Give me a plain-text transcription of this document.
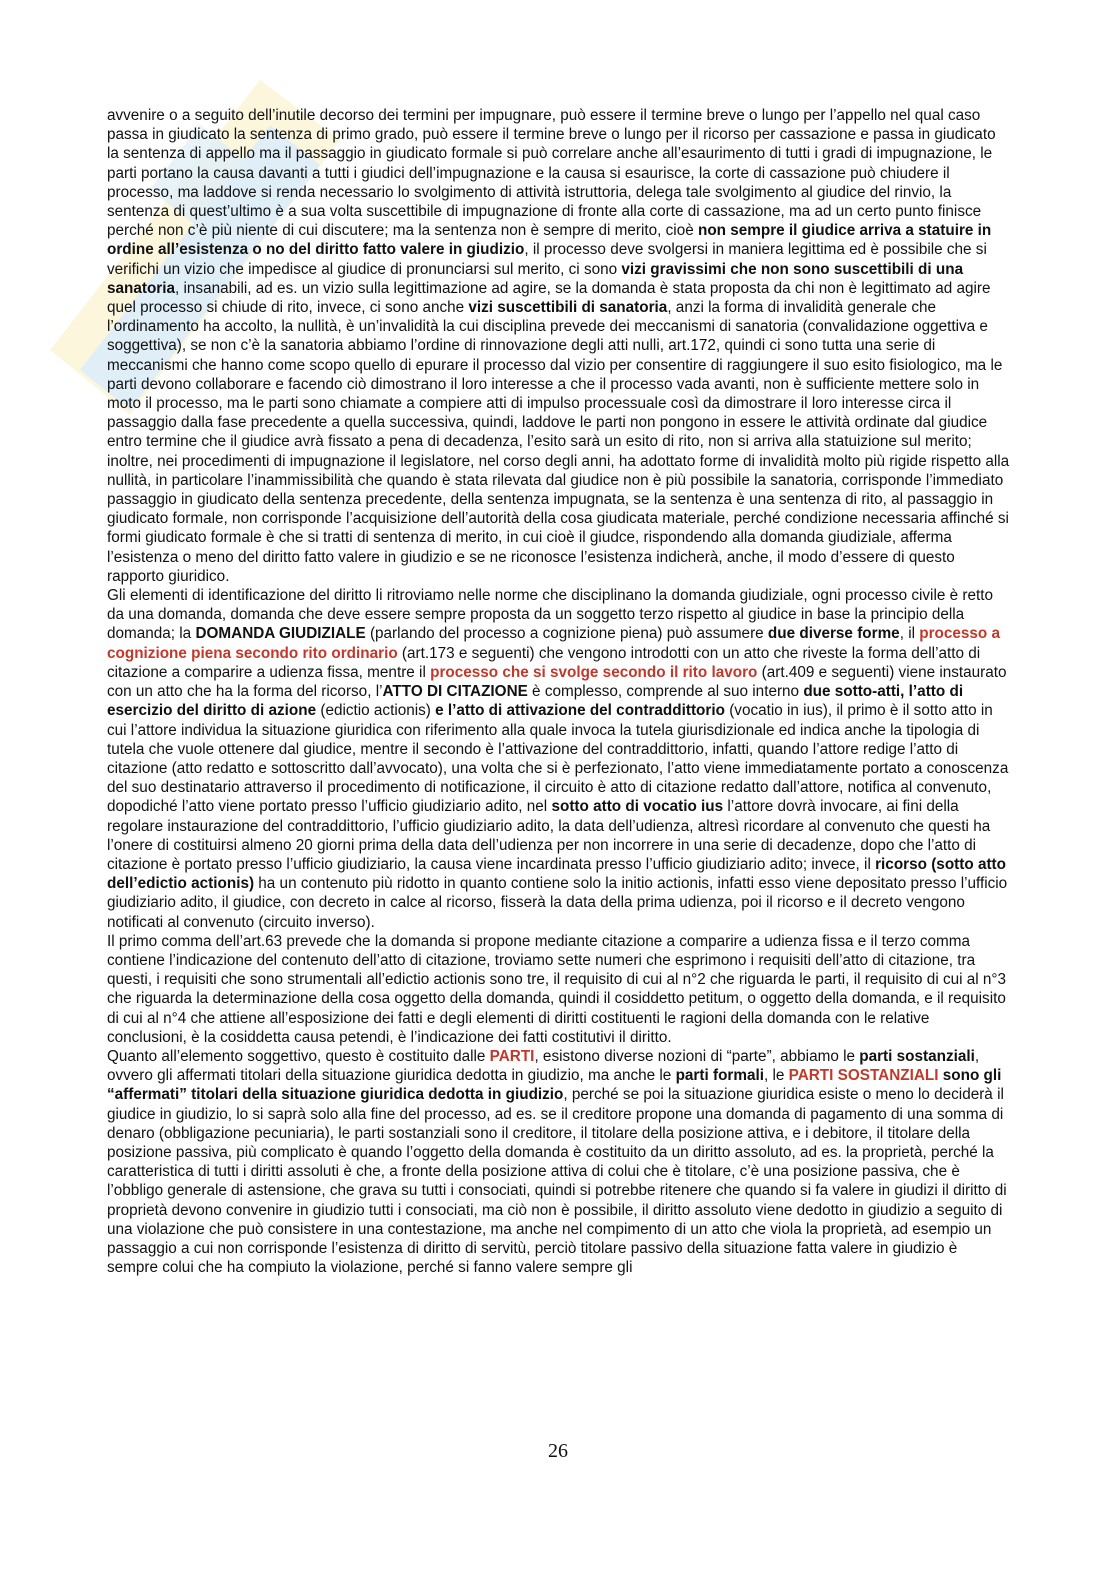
avvenire o a seguito dell’inutile decorso dei termini per impugnare, può essere il termine breve o lungo per l’appello nel qual caso passa in giudicato la sentenza di primo grado, può essere il termine breve o lungo per il ricorso per cassazione e passa in giudicato la sentenza di appello ma il passaggio in giudicato formale si può correlare anche all’esaurimento di tutti i gradi di impugnazione, le parti portano la causa davanti a tutti i giudici dell’impugnazione e la causa si esaurisce, la corte di cassazione può chiudere il processo, ma laddove si renda necessario lo svolgimento di attività istruttoria, delega tale svolgimento al giudice del rinvio, la sentenza di quest’ultimo è a sua volta suscettibile di impugnazione di fronte alla corte di cassazione, ma ad un certo punto finisce perché non c’è più niente di cui discutere; ma la sentenza non è sempre di merito, cioè non sempre il giudice arriva a statuire in ordine all’esistenza o no del diritto fatto valere in giudizio, il processo deve svolgersi in maniera legittima ed è possibile che si verifichi un vizio che impedisce al giudice di pronunciarsi sul merito, ci sono vizi gravissimi che non sono suscettibili di una sanatoria, insanabili, ad es. un vizio sulla legittimazione ad agire, se la domanda è stata proposta da chi non è legittimato ad agire quel processo si chiude di rito, invece, ci sono anche vizi suscettibili di sanatoria, anzi la forma di invalidità generale che l’ordinamento ha accolto, la nullità, è un’invalidità la cui disciplina prevede dei meccanismi di sanatoria (convalidazione oggettiva e soggettiva), se non c’è la sanatoria abbiamo l’ordine di rinnovazione degli atti nulli, art.172, quindi ci sono tutta una serie di meccanismi che hanno come scopo quello di epurare il processo dal vizio per consentire di raggiungere il suo esito fisiologico, ma le parti devono collaborare e facendo ciò dimostrano il loro interesse a che il processo vada avanti, non è sufficiente mettere solo in moto il processo, ma le parti sono chiamate a compiere atti di impulso processuale così da dimostrare il loro interesse circa il passaggio dalla fase precedente a quella successiva, quindi, laddove le parti non pongono in essere le attività ordinate dal giudice entro termine che il giudice avrà fissato a pena di decadenza, l’esito sarà un esito di rito, non si arriva alla statuizione sul merito; inoltre, nei procedimenti di impugnazione il legislatore, nel corso degli anni, ha adottato forme di invalidità molto più rigide rispetto alla nullità, in particolare l’inammissibilità che quando è stata rilevata dal giudice non è più possibile la sanatoria, corrisponde l’immediato passaggio in giudicato della sentenza precedente, della sentenza impugnata, se la sentenza è una sentenza di rito, al passaggio in giudicato formale, non corrisponde l’acquisizione dell’autorità della cosa giudicata materiale, perché condizione necessaria affinché si formi giudicato formale è che si tratti di sentenza di merito, in cui cioè il giudce, rispondendo alla domanda giudiziale, afferma l’esistenza o meno del diritto fatto valere in giudizio e se ne riconosce l’esistenza indicherà, anche, il modo d’essere di questo rapporto giuridico.

Gli elementi di identificazione del diritto li ritroviamo nelle norme che disciplinano la domanda giudiziale, ogni processo civile è retto da una domanda, domanda che deve essere sempre proposta da un soggetto terzo rispetto al giudice in base la principio della domanda; la DOMANDA GIUDIZIALE (parlando del processo a cognizione piena) può assumere due diverse forme, il processo a cognizione piena secondo rito ordinario (art.173 e seguenti) che vengono introdotti con un atto che riveste la forma dell’atto di citazione a comparire a udienza fissa, mentre il processo che si svolge secondo il rito lavoro (art.409 e seguenti) viene instaurato con un atto che ha la forma del ricorso, l’ATTO DI CITAZIONE è complesso, comprende al suo interno due sotto-atti, l’atto di esercizio del diritto di azione (edictio actionis) e l’atto di attivazione del contraddittorio (vocatio in ius), il primo è il sotto atto in cui l’attore individua la situazione giuridica con riferimento alla quale invoca la tutela giurisdizionale ed indica anche la tipologia di tutela che vuole ottenere dal giudice, mentre il secondo è l’attivazione del contraddittorio, infatti, quando l’attore redige l’atto di citazione (atto redatto e sottoscritto dall’avvocato), una volta che si è perfezionato, l’atto viene immediatamente portato a conoscenza del suo destinatario attraverso il procedimento di notificazione, il circuito è atto di citazione redatto dall’attore, notifica al convenuto, dopodiché l’atto viene portato presso l’ufficio giudiziario adito, nel sotto atto di vocatio ius l’attore dovrà invocare, ai fini della regolare instaurazione del contraddittorio, l’ufficio giudiziario adito, la data dell’udienza, altresì ricordare al convenuto che questi ha l’onere di costituirsi almeno 20 giorni prima della data dell’udienza per non incorrere in una serie di decadenze, dopo che l’atto di citazione è portato presso l’ufficio giudiziario, la causa viene incardinata presso l’ufficio giudiziario adito; invece, il ricorso (sotto atto dell’edictio actionis) ha un contenuto più ridotto in quanto contiene solo la initio actionis, infatti esso viene depositato presso l’ufficio giudiziario adito, il giudice, con decreto in calce al ricorso, fisserà la data della prima udienza, poi il ricorso e il decreto vengono notificati al convenuto (circuito inverso).

Il primo comma dell’art.63 prevede che la domanda si propone mediante citazione a comparire a udienza fissa e il terzo comma contiene l’indicazione del contenuto dell’atto di citazione, troviamo sette numeri che esprimono i requisiti dell’atto di citazione, tra questi, i requisiti che sono strumentali all’edictio actionis sono tre, il requisito di cui al n°2 che riguarda le parti, il requisito di cui al n°3 che riguarda la determinazione della cosa oggetto della domanda, quindi il cosiddetto petitum, o oggetto della domanda, e il requisito di cui al n°4 che attiene all’esposizione dei fatti e degli elementi di diritti costituenti le ragioni della domanda con le relative conclusioni, è la cosiddetta causa petendi, è l’indicazione dei fatti costitutivi il diritto.

Quanto all’elemento soggettivo, questo è costituito dalle PARTI, esistono diverse nozioni di “parte”, abbiamo le parti sostanziali, ovvero gli affermati titolari della situazione giuridica dedotta in giudizio, ma anche le parti formali, le PARTI SOSTANZIALI sono gli “affermati” titolari della situazione giuridica dedotta in giudizio, perché se poi la situazione giuridica esiste o meno lo deciderà il giudice in giudizio, lo si saprà solo alla fine del processo, ad es. se il creditore propone una domanda di pagamento di una somma di denaro (obbligazione pecuniaria), le parti sostanziali sono il creditore, il titolare della posizione attiva, e i debitore, il titolare della posizione passiva, più complicato è quando l’oggetto della domanda è costituito da un diritto assoluto, ad es. la proprietà, perché la caratteristica di tutti i diritti assoluti è che, a fronte della posizione attiva di colui che è titolare, c’è una posizione passiva, che è l’obbligo generale di astensione, che grava su tutti i consociati, quindi si potrebbe ritenere che quando si fa valere in giudizi il diritto di proprietà devono convenire in giudizio tutti i consociati, ma ciò non è possibile, il diritto assoluto viene dedotto in giudizio a seguito di una violazione che può consistere in una contestazione, ma anche nel compimento di un atto che viola la proprietà, ad esempio un passaggio a cui non corrisponde l’esistenza di diritto di servitù, perciò titolare passivo della situazione fatta valere in giudizio è sempre colui che ha compiuto la violazione, perché si fanno valere sempre gli

26
